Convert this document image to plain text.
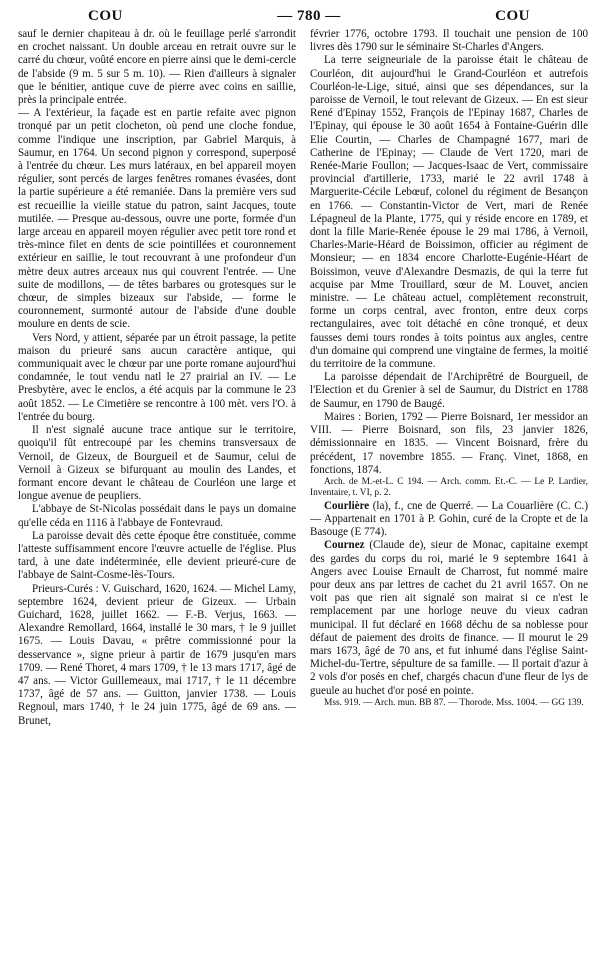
COU	— 780 —	COU

sauf le dernier chapiteau à dr. où le feuillage perlé s'arrondit en crochet naissant. Un double arceau en retrait ouvre sur le carré du chœur, voûté encore en pierre ainsi que le demi-cercle de l'abside (9 m. 5 sur 5 m. 10). — Rien d'ailleurs à signaler que le bénitier, antique cuve de pierre avec coins en saillie, près la principale entrée.

— A l'extérieur, la façade est en partie refaite avec pignon tronqué par un petit clocheton, où pend une cloche fondue, comme l'indique une inscription, par Gabriel Marquis, à Saumur, en 1764. Un second pignon y correspond, superposé à l'entrée du chœur. Les murs latéraux, en bel appareil moyen régulier, sont percés de larges fenêtres romanes évasées, dont la partie supérieure a été remaniée. Dans la première vers sud est recueillie la vieille statue du patron, saint Jacques, toute mutilée. — Presque au-dessous, ouvre une porte, formée d'un large arceau en appareil moyen régulier avec petit tore rond et très-mince filet en dents de scie pointillées et couronnement extérieur en saillie, le tout recouvrant à une profondeur d'un mètre deux autres arceaux nus qui couvrent l'entrée. — Une suite de modillons, — de têtes barbares ou grotesques sur le chœur, de simples bizeaux sur l'abside, — forme le couronnement, surmonté autour de l'abside d'une double moulure en dents de scie.

Vers Nord, y attient, séparée par un étroit passage, la petite maison du prieuré sans aucun caractère antique, qui communiquait avec le chœur par une porte romane aujourd'hui condamnée, le tout vendu natl le 27 prairial an IV. — Le Presbytère, avec le enclos, a été acquis par la commune le 23 août 1852. — Le Cimetière se rencontre à 100 mèt. vers l'O. à l'entrée du bourg.

Il n'est signalé aucune trace antique sur le territoire, quoiqu'il fût entrecoupé par les chemins transversaux de Vernoil, de Gizeux, de Bourgueil et de Saumur, celui de Vernoil à Gizeux se bifurquant au moulin des Landes, et formant encore devant le château de Courléon une large et longue avenue de peupliers.

L'abbaye de St-Nicolas possédait dans le pays un domaine qu'elle céda en 1116 à l'abbaye de Fontevraud.

La paroisse devait dès cette époque être constituée, comme l'atteste suffisamment encore l'œuvre actuelle de l'église. Plus tard, à une date indéterminée, elle devient prieuré-cure de l'abbaye de Saint-Cosme-lès-Tours.

Prieurs-Curés : V. Guischard, 1620, 1624. — Michel Lamy, septembre 1624, devient prieur de Gizeux. — Urbain Guichard, 1628, juillet 1662. — F.-B. Verjus, 1663. — Alexandre Remollard, 1664, installé le 30 mars, † le 9 juillet 1675. — Louis Davau, « prêtre commissionné pour la desservance », signe prieur à partir de 1679 jusqu'en mars 1709. — René Thoret, 4 mars 1709, † le 13 mars 1717, âgé de 47 ans. — Victor Guillemeaux, mai 1717, † le 11 décembre 1737, âgé de 57 ans. — Guitton, janvier 1738. — Louis Regnoul, mars 1740, † le 24 juin 1775, âgé de 69 ans. — Brunet,

février 1776, octobre 1793. Il touchait une pension de 100 livres dès 1790 sur le séminaire St-Charles d'Angers.

La terre seigneuriale de la paroisse était le château de Courléon, dit aujourd'hui le Grand-Courléon et autrefois Courléon-le-Lige, situé, ainsi que ses dépendances, sur la paroisse de Vernoil, le tout relevant de Gizeux. — En est sieur René d'Epinay 1552, François de l'Epinay 1687, Charles de l'Epinay, qui épouse le 30 août 1654 à Fontaine-Guérin dlle Elie Courtin, — Charles de Champagné 1677, mari de Catherine de l'Epinay; — Claude de Vert 1720, mari de Renée-Marie Foullon; — Jacques-Isaac de Vert, commissaire provincial d'artillerie, 1733, marié le 22 avril 1748 à Marguerite-Cécile Lebœuf, colonel du régiment de Besançon en 1766. — Constantin-Victor de Vert, mari de Renée Lépagneul de la Plante, 1775, qui y réside encore en 1789, et dont la fille Marie-Renée épouse le 29 mai 1786, à Vernoil, Charles-Marie-Héard de Boissimon, officier au régiment de Monsieur; — en 1834 encore Charlotte-Eugénie-Héart de Boissimon, veuve d'Alexandre Desmazis, de qui la terre fut acquise par Mme Trouillard, sœur de M. Louvet, ancien ministre. — Le château actuel, complètement reconstruit, forme un corps central, avec fronton, entre deux corps rectangulaires, avec toit détaché en cône tronqué, et deux fausses demi tours rondes à toits pointus aux angles, centre d'un domaine qui comprend une vingtaine de fermes, la moitié du territoire de la commune.

La paroisse dépendait de l'Archiprêtré de Bourgueil, de l'Election et du Grenier à sel de Saumur, du District en 1788 de Saumur, en 1790 de Baugé.

Maires : Borien, 1792 — Pierre Boisnard, 1er messidor an VIII. — Pierre Boisnard, son fils, 23 janvier 1826, démissionnaire en 1835. — Vincent Boisnard, frère du précédent, 17 novembre 1855. — Franç. Vinet, 1868, en fonctions, 1874.

Arch. de M.-et-L. C 194. — Arch. comm. Et.-C. — Le P. Lardier, Inventaire, t. VI, p. 2.

Courlière (la), f., cne de Querré. — La Couarlière (C. C.) — Appartenait en 1701 à P. Gohin, curé de la Cropte et de la Basouge (E 774).

Cournez (Claude de), sieur de Monac, capitaine exempt des gardes du corps du roi, marié le 9 septembre 1641 à Angers avec Louise Ernault de Charrost, fut nommé maire pour deux ans par lettres de cachet du 21 avril 1657. On ne voit pas que rien ait signalé son mairat si ce n'est le remplacement par une horloge neuve du vieux cadran municipal. Il fut déclaré en 1668 déchu de sa noblesse pour défaut de paiement des droits de finance. — Il mourut le 29 mars 1673, âgé de 70 ans, et fut inhumé dans l'église Saint-Michel-du-Tertre, sépulture de sa famille. — Il portait d'azur à 2 vols d'or posés en chef, chargés chacun d'une fleur de lys de gueule au huchet d'or posé en pointe.

Mss. 919. — Arch. mun. BB 87. — Thorode. Mss. 1004. — GG 139.
